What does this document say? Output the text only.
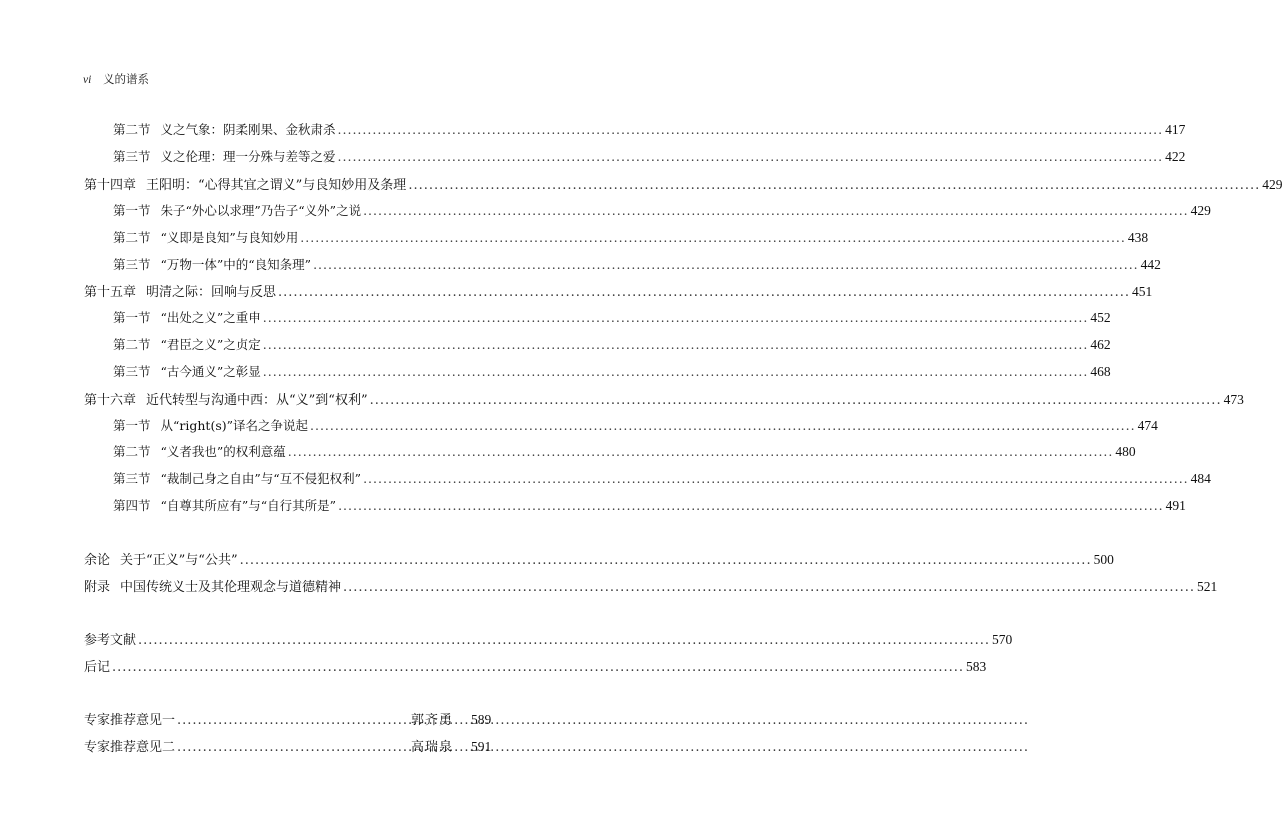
vi 义的谱系
第二节 义之气象：阴柔刚果、金秋肃杀 .....	417
第三节 义之伦理：理一分殊与差等之爱 .....	422
第十四章 王阳明：“心得其宜之谓义”与良知妙用及条理 .....	429
第一节 朱子“外心以求理”乃告子“义外”之说 .....	429
第二节 “义即是良知”与良知妙用 .....	438
第三节 “万物一体”中的“良知条理” .....	442
第十五章 明清之际：回响与反思 .....	451
第一节 “出处之义”之重申 .....	452
第二节 “君臣之义”之贞定 .....	462
第三节 “古今通义”之彰显 .....	468
第十六章 近代转型与沟通中西：从“义”到“权利” .....	473
第一节 从“right(s)”译名之争说起 .....	474
第二节 “义者我也”的权利意蕴 .....	480
第三节 “裁制己身之自由”与“互不侵犯权利” .....	484
第四节 “自尊其所应有”与“自行其所是” .....	491
余论 关于“正义”与“公共” .....	500
附录 中国传统义士及其伦理观念与道德精神 .....	521
参考文献 .....	570
后记 .....	583
专家推荐意见一 .....	郭齐勇 589
专家推荐意见二 .....	高瑞泉 591
